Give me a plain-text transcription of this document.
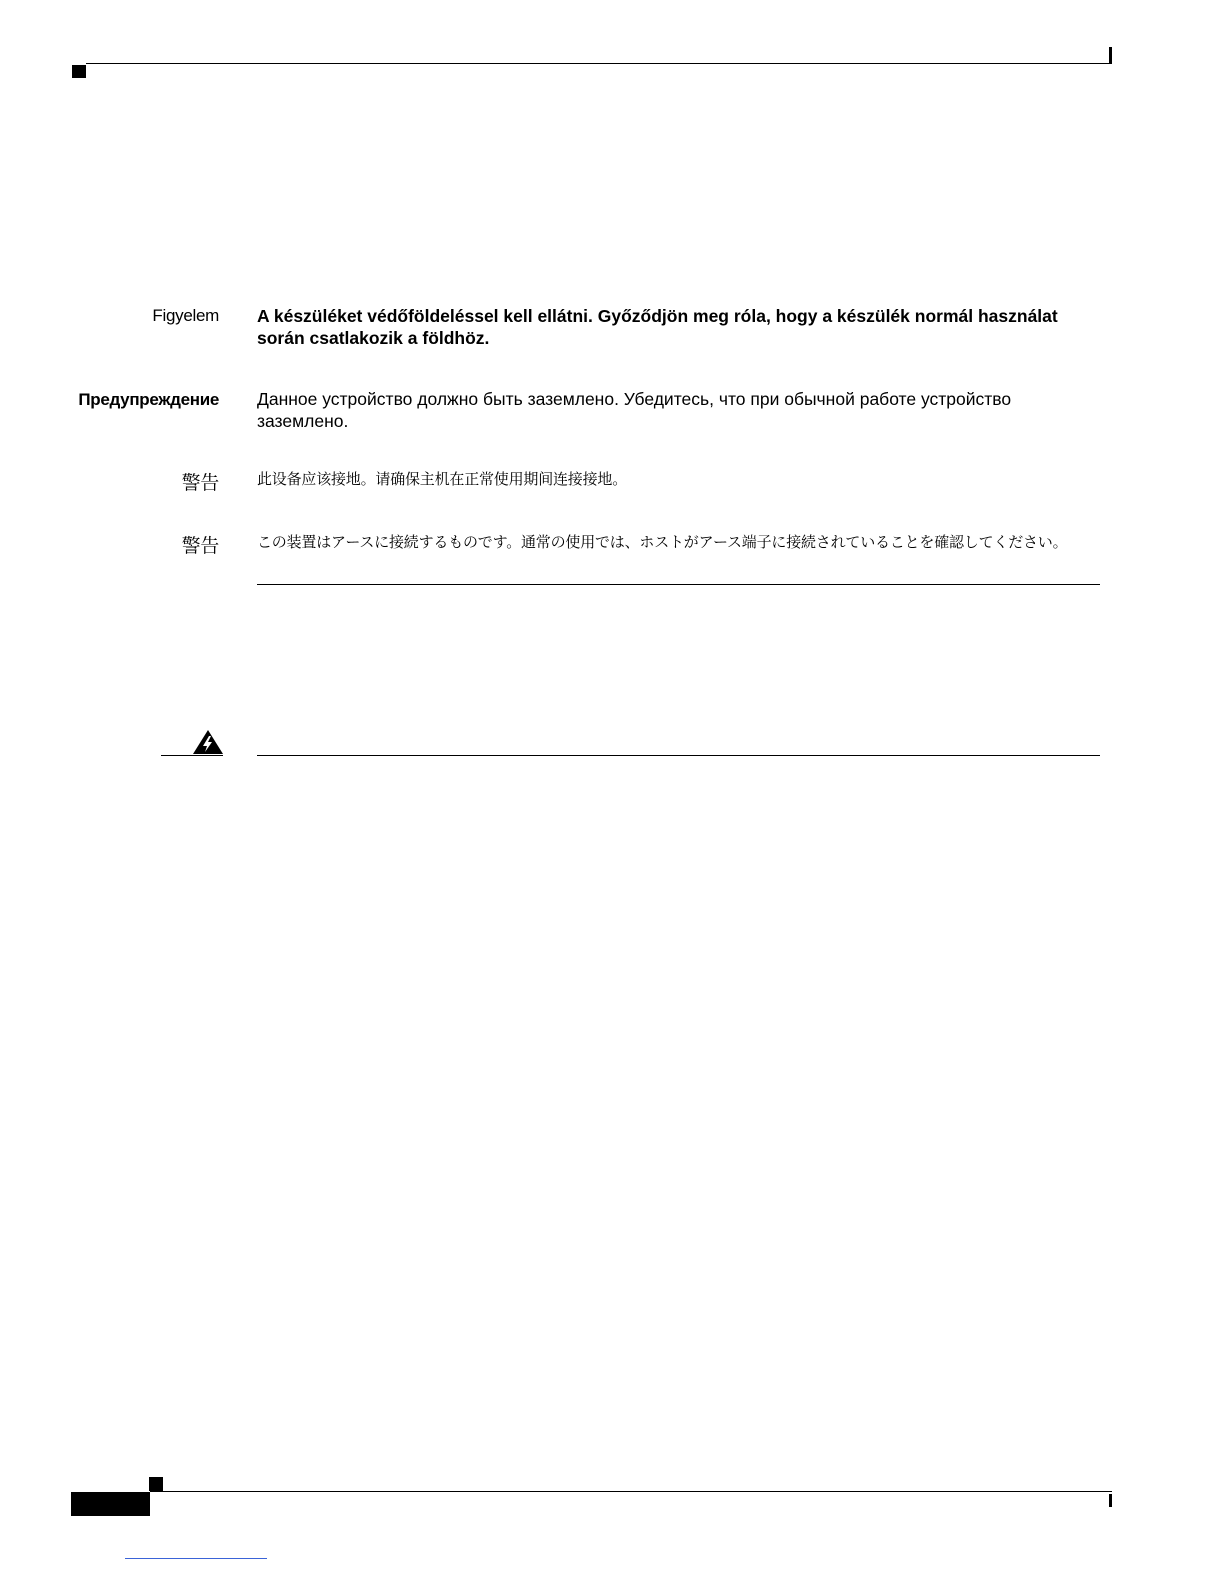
Figyelem A készüléket védőföldeléssel kell ellátni. Győződjön meg róla, hogy a készülék normál használat során csatlakozik a földhöz.
Предупреждение Данное устройство должно быть заземлено. Убедитесь, что при обычной работе устройство заземлено.
警告	此设备应该接地。请确保主机在正常使用期间连接接地。
警告	この装置はアースに接続するものです。通常の使用では、ホストがアース端子に接続されていることを確認してください。
